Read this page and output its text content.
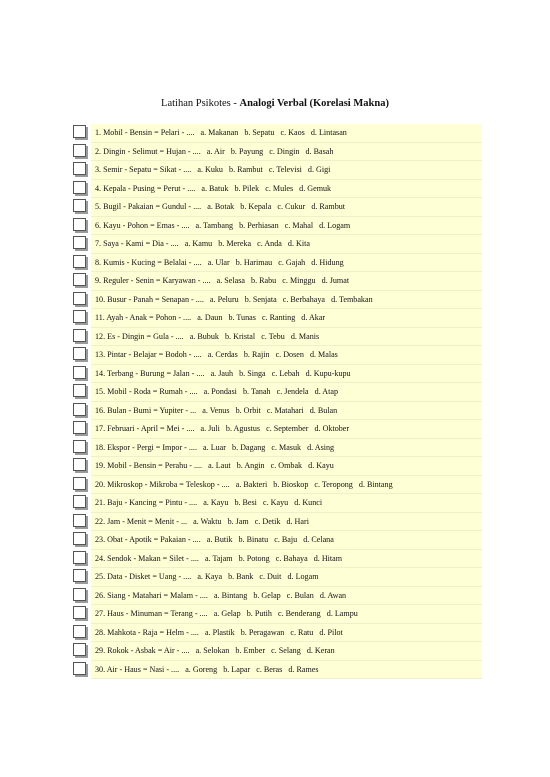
Latihan Psikotes - Analogi Verbal (Korelasi Makna)
1. Mobil - Bensin = Pelari - ....   a. Makanan   b. Sepatu   c. Kaos   d. Lintasan
2. Dingin - Selimut = Hujan - ....   a. Air   b. Payung   c. Dingin   d. Basah
3. Semir - Sepatu = Sikat - ....   a. Kuku   b. Rambut   c. Televisi   d. Gigi
4. Kepala - Pusing = Perut - ....   a. Batuk   b. Pilek   c. Mules   d. Gemuk
5. Bugil - Pakaian = Gundul - ....   a. Botak   b. Kepala   c. Cukur   d. Rambut
6. Kayu - Pohon = Emas - ....   a. Tambang   b. Perhiasan   c. Mahal   d. Logam
7. Saya - Kami = Dia - ....   a. Kamu   b. Mereka   c. Anda   d. Kita
8. Kumis - Kucing = Belalai - ....   a. Ular   b. Harimau   c. Gajah   d. Hidung
9. Reguler - Senin = Karyawan - ....   a. Selasa   b. Rabu   c. Minggu   d. Jumat
10. Busur - Panah = Senapan - ....   a. Peluru   b. Senjata   c. Berbahaya   d. Tembakan
11. Ayah - Anak = Pohon - ....   a. Daun   b. Tunas   c. Ranting   d. Akar
12. Es - Dingin = Gula - ....   a. Bubuk   b. Kristal   c. Tebu   d. Manis
13. Pintar - Belajar = Bodoh - ....   a. Cerdas   b. Rajin   c. Dosen   d. Malas
14. Terbang - Burung = Jalan - ....   a. Jauh   b. Singa   c. Lebah   d. Kupu-kupu
15. Mobil - Roda = Rumah - ....   a. Pondasi   b. Tanah   c. Jendela   d. Atap
16. Bulan - Bumi = Yupiter - ...   a. Venus   b. Orbit   c. Matahari   d. Bulan
17. Februari - April = Mei - ....   a. Juli   b. Agustus   c. September   d. Oktober
18. Ekspor - Pergi = Impor - ....   a. Luar   b. Dagang   c. Masuk   d. Asing
19. Mobil - Bensin = Perahu - ....   a. Laut   b. Angin   c. Ombak   d. Kayu
20. Mikroskop - Mikroba = Teleskop - ....   a. Bakteri   b. Bioskop   c. Teropong   d. Bintang
21. Baju - Kancing = Pintu - ....   a. Kayu   b. Besi   c. Kayu   d. Kunci
22. Jam - Menit = Menit - ...   a. Waktu   b. Jam   c. Detik   d. Hari
23. Obat - Apotik = Pakaian - ....   a. Butik   b. Binatu   c. Baju   d. Celana
24. Sendok - Makan = Silet - ....   a. Tajam   b. Potong   c. Bahaya   d. Hitam
25. Data - Disket = Uang - ....   a. Kaya   b. Bank   c. Duit   d. Logam
26. Siang - Matahari = Malam - ....   a. Bintang   b. Gelap   c. Bulan   d. Awan
27. Haus - Minuman = Terang - ....   a. Gelap   b. Putih   c. Benderang   d. Lampu
28. Mahkota - Raja = Helm - ....   a. Plastik   b. Peragawan   c. Ratu   d. Pilot
29. Rokok - Asbak = Air - ....   a. Selokan   b. Ember   c. Selang   d. Keran
30. Air - Haus = Nasi - ....   a. Goreng   b. Lapar   c. Beras   d. Rames
